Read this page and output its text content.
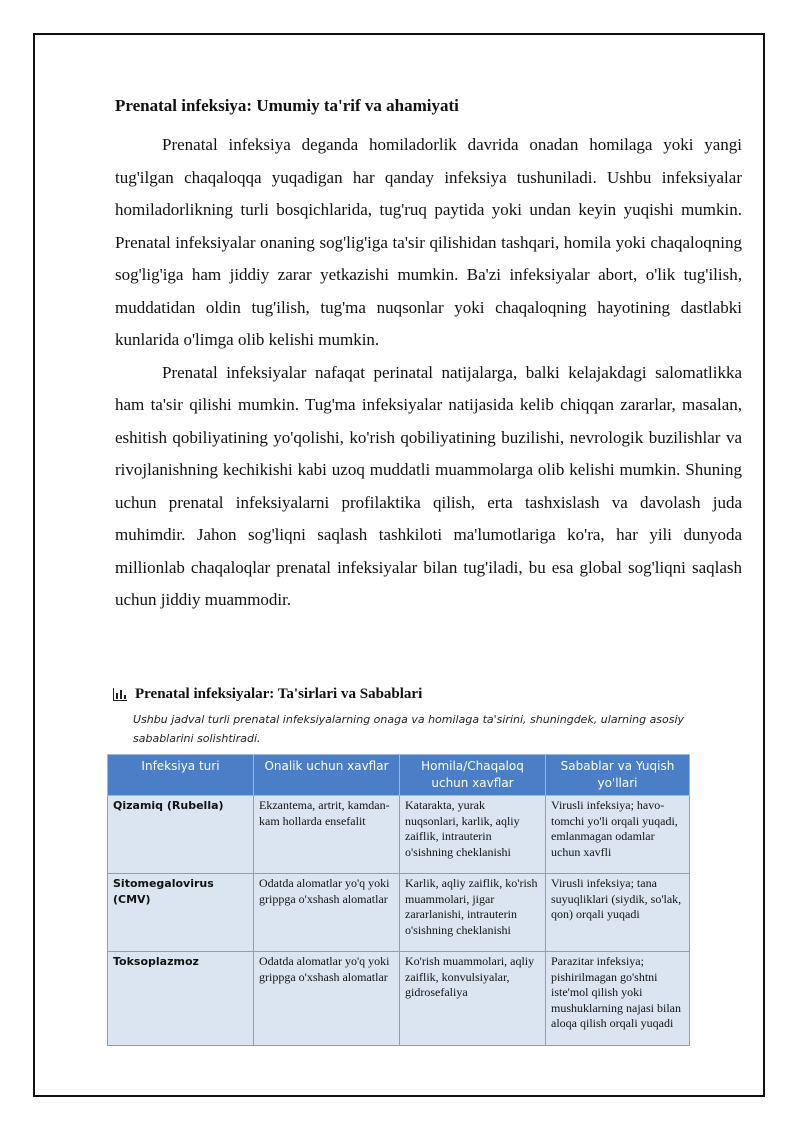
Prenatal infeksiya: Umumiy ta'rif va ahamiyati

Prenatal infeksiya deganda homiladorlik davrida onadan homilaga yoki yangi tug'ilgan chaqaloqqa yuqadigan har qanday infeksiya tushuniladi. Ushbu infeksiyalar homiladorlikning turli bosqichlarida, tug'ruq paytida yoki undan keyin yuqishi mumkin. Prenatal infeksiyalar onaning sog'lig'iga ta'sir qilishidan tashqari, homila yoki chaqaloqning sog'lig'iga ham jiddiy zarar yetkazishi mumkin. Ba'zi infeksiyalar abort, o'lik tug'ilish, muddatidan oldin tug'ilish, tug'ma nuqsonlar yoki chaqaloqning hayotining dastlabki kunlarida o'limga olib kelishi mumkin.

Prenatal infeksiyalar nafaqat perinatal natijalarga, balki kelajakdagi salomatlikka ham ta'sir qilishi mumkin. Tug'ma infeksiyalar natijasida kelib chiqqan zararlar, masalan, eshitish qobiliyatining yo'qolishi, ko'rish qobiliyatining buzilishi, nevrologik buzilishlar va rivojlanishning kechikishi kabi uzoq muddatli muammolarga olib kelishi mumkin. Shuning uchun prenatal infeksiyalarni profilaktika qilish, erta tashxislash va davolash juda muhimdir. Jahon sog'liqni saqlash tashkiloti ma'lumotlariga ko'ra, har yili dunyoda millionlab chaqaloqlar prenatal infeksiyalar bilan tug'iladi, bu esa global sog'liqni saqlash uchun jiddiy muammodir.

Prenatal infeksiyalar: Ta'sirlari va Sabablari
Ushbu jadval turli prenatal infeksiyalarning onaga va homilaga ta'sirini, shuningdek, ularning asosiy sabablarini solishtiradi.
Infeksiya turi	Onalik uchun xavflar	Homila/Chaqaloq uchun xavflar	Sabablar va Yuqish yo'llari
Qizamiq (Rubella)	Ekzantema, artrit, kamdan-kam hollarda ensefalit	Katarakta, yurak nuqsonlari, karlik, aqliy zaiflik, intrauterin o'sishning cheklanishi	Virusli infeksiya; havo-tomchi yo'li orqali yuqadi, emlanmagan odamlar uchun xavfli
Sitomegalovirus (CMV)	Odatda alomatlar yo'q yoki grippga o'xshash alomatlar	Karlik, aqliy zaiflik, ko'rish muammolari, jigar zararlanishi, intrauterin o'sishning cheklanishi	Virusli infeksiya; tana suyuqliklari (siydik, so'lak, qon) orqali yuqadi
Toksoplazmoz	Odatda alomatlar yo'q yoki grippga o'xshash alomatlar	Ko'rish muammolari, aqliy zaiflik, konvulsiyalar, gidrosefaliya	Parazitar infeksiya; pishirilmagan go'shtni iste'mol qilish yoki mushuklarning najasi bilan aloqa qilish orqali yuqadi
